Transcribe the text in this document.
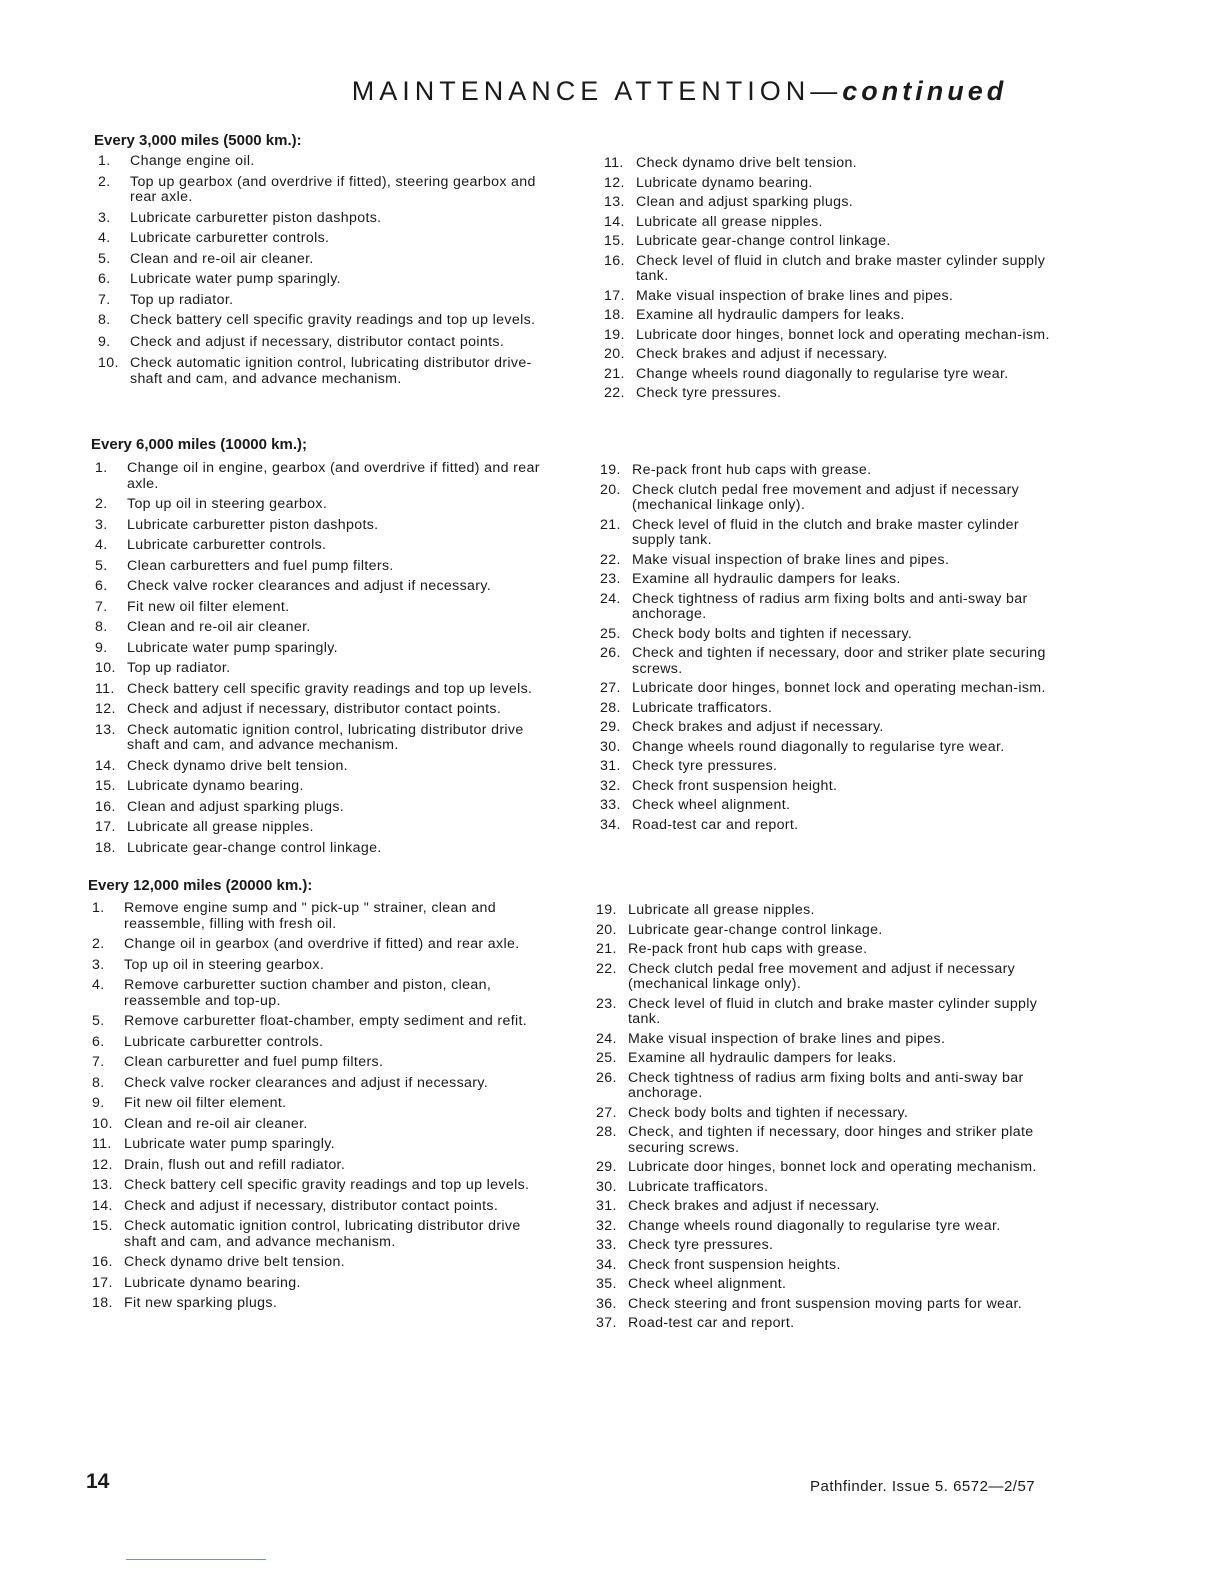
MAINTENANCE ATTENTION—continued
Every 3,000 miles (5000 km.):
1.	Change engine oil.
2.	Top up gearbox (and overdrive if fitted), steering gearbox and rear axle.
3.	Lubricate carburetter piston dashpots.
4.	Lubricate carburetter controls.
5.	Clean and re-oil air cleaner.
6.	Lubricate water pump sparingly.
7.	Top up radiator.
8.	Check battery cell specific gravity readings and top up levels.
9.	Check and adjust if necessary, distributor contact points.
10. Check automatic ignition control, lubricating distributor drive-shaft and cam, and advance mechanism.
11. Check dynamo drive belt tension.
12. Lubricate dynamo bearing.
13. Clean and adjust sparking plugs.
14. Lubricate all grease nipples.
15. Lubricate gear-change control linkage.
16. Check level of fluid in clutch and brake master cylinder supply tank.
17. Make visual inspection of brake lines and pipes.
18. Examine all hydraulic dampers for leaks.
19. Lubricate door hinges, bonnet lock and operating mechan-ism.
20. Check brakes and adjust if necessary.
21. Change wheels round diagonally to regularise tyre wear.
22. Check tyre pressures.
Every 6,000 miles (10000 km.);
1.	Change oil in engine, gearbox (and overdrive if fitted) and rear axle.
2.	Top up oil in steering gearbox.
3.	Lubricate carburetter piston dashpots.
4.	Lubricate carburetter controls.
5.	Clean carburetters and fuel pump filters.
6.	Check valve rocker clearances and adjust if necessary.
7.	Fit new oil filter element.
8.	Clean and re-oil air cleaner.
9.	Lubricate water pump sparingly.
10. Top up radiator.
11. Check battery cell specific gravity readings and top up levels.
12. Check and adjust if necessary, distributor contact points.
13. Check automatic ignition control, lubricating distributor drive shaft and cam, and advance mechanism.
14. Check dynamo drive belt tension.
15. Lubricate dynamo bearing.
16. Clean and adjust sparking plugs.
17. Lubricate all grease nipples.
18. Lubricate gear-change control linkage.
19. Re-pack front hub caps with grease.
20. Check clutch pedal free movement and adjust if necessary (mechanical linkage only).
21. Check level of fluid in the clutch and brake master cylinder supply tank.
22. Make visual inspection of brake lines and pipes.
23. Examine all hydraulic dampers for leaks.
24. Check tightness of radius arm fixing bolts and anti-sway bar anchorage.
25. Check body bolts and tighten if necessary.
26. Check and tighten if necessary, door and striker plate securing screws.
27. Lubricate door hinges, bonnet lock and operating mechan-ism.
28. Lubricate trafficators.
29. Check brakes and adjust if necessary.
30. Change wheels round diagonally to regularise tyre wear.
31. Check tyre pressures.
32. Check front suspension height.
33. Check wheel alignment.
34. Road-test car and report.
Every 12,000 miles (20000 km.):
1.	Remove engine sump and " pick-up " strainer, clean and reassemble, filling with fresh oil.
2.	Change oil in gearbox (and overdrive if fitted) and rear axle.
3.	Top up oil in steering gearbox.
4.	Remove carburetter suction chamber and piston, clean, reassemble and top-up.
5.	Remove carburetter float-chamber, empty sediment and refit.
6.	Lubricate carburetter controls.
7.	Clean carburetter and fuel pump filters.
8.	Check valve rocker clearances and adjust if necessary.
9.	Fit new oil filter element.
10. Clean and re-oil air cleaner.
11. Lubricate water pump sparingly.
12. Drain, flush out and refill radiator.
13. Check battery cell specific gravity readings and top up levels.
14. Check and adjust if necessary, distributor contact points.
15. Check automatic ignition control, lubricating distributor drive shaft and cam, and advance mechanism.
16. Check dynamo drive belt tension.
17. Lubricate dynamo bearing.
18. Fit new sparking plugs.
19. Lubricate all grease nipples.
20. Lubricate gear-change control linkage.
21. Re-pack front hub caps with grease.
22. Check clutch pedal free movement and adjust if necessary (mechanical linkage only).
23. Check level of fluid in clutch and brake master cylinder supply tank.
24. Make visual inspection of brake lines and pipes.
25. Examine all hydraulic dampers for leaks.
26. Check tightness of radius arm fixing bolts and anti-sway bar anchorage.
27. Check body bolts and tighten if necessary.
28. Check, and tighten if necessary, door hinges and striker plate securing screws.
29. Lubricate door hinges, bonnet lock and operating mechanism.
30. Lubricate trafficators.
31. Check brakes and adjust if necessary.
32. Change wheels round diagonally to regularise tyre wear.
33. Check tyre pressures.
34. Check front suspension heights.
35. Check wheel alignment.
36. Check steering and front suspension moving parts for wear.
37. Road-test car and report.
14	Pathfinder. Issue 5. 6572—2/57
